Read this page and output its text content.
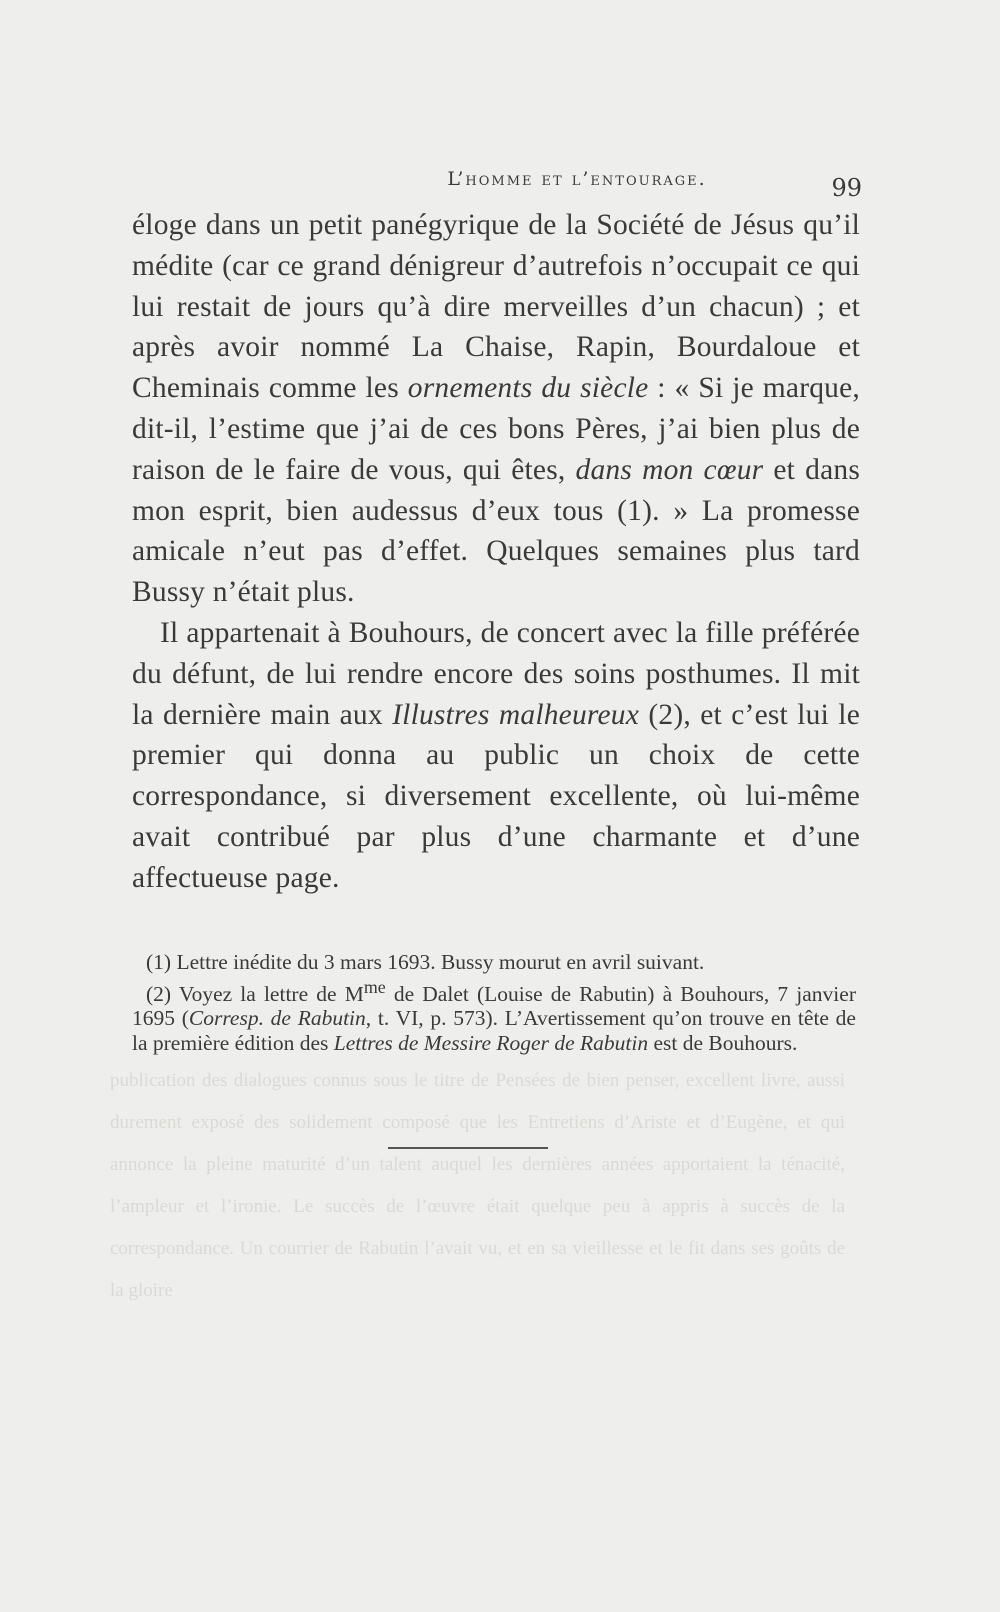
publication des dialogues connus sous le titre de Pensées de bien penser, excellent livre, aussi durement exposé des solidement composé que les Entretiens d’Ariste et d’Eugène, et qui annonce la pleine maturité d’un talent auquel les dernières années apportaient la ténacité, l’ampleur et l’ironie. Le succès de l’œuvre était quelque peu à appris à succès de la correspondance. Un courrier de Rabutin l’avait vu, et en sa vieillesse et le fit dans ses goûts de la gloire

L’homme et l’entourage.	99

éloge dans un petit panégyrique de la Société de Jésus qu’il médite (car ce grand dénigreur d’autrefois n’occupait ce qui lui restait de jours qu’à dire merveilles d’un chacun) ; et après avoir nommé La Chaise, Rapin, Bourdaloue et Cheminais comme les ornements du siècle : « Si je marque, dit-il, l’estime que j’ai de ces bons Pères, j’ai bien plus de raison de le faire de vous, qui êtes, dans mon cœur et dans mon esprit, bien audessus d’eux tous (1). » La promesse amicale n’eut pas d’effet. Quelques semaines plus tard Bussy n’était plus.

Il appartenait à Bouhours, de concert avec la fille préférée du défunt, de lui rendre encore des soins posthumes. Il mit la dernière main aux Illustres malheureux (2), et c’est lui le premier qui donna au public un choix de cette correspondance, si diversement excellente, où lui-même avait contribué par plus d’une charmante et d’une affectueuse page.

(1) Lettre inédite du 3 mars 1693. Bussy mourut en avril suivant.

(2) Voyez la lettre de $M^{me}$ de Dalet (Louise de Rabutin) à Bouhours, 7 janvier 1695 (Corresp. de Rabutin, t. VI, p. 573). L’Avertissement qu’on trouve en tête de la première édition des Lettres de Messire Roger de Rabutin est de Bouhours.
